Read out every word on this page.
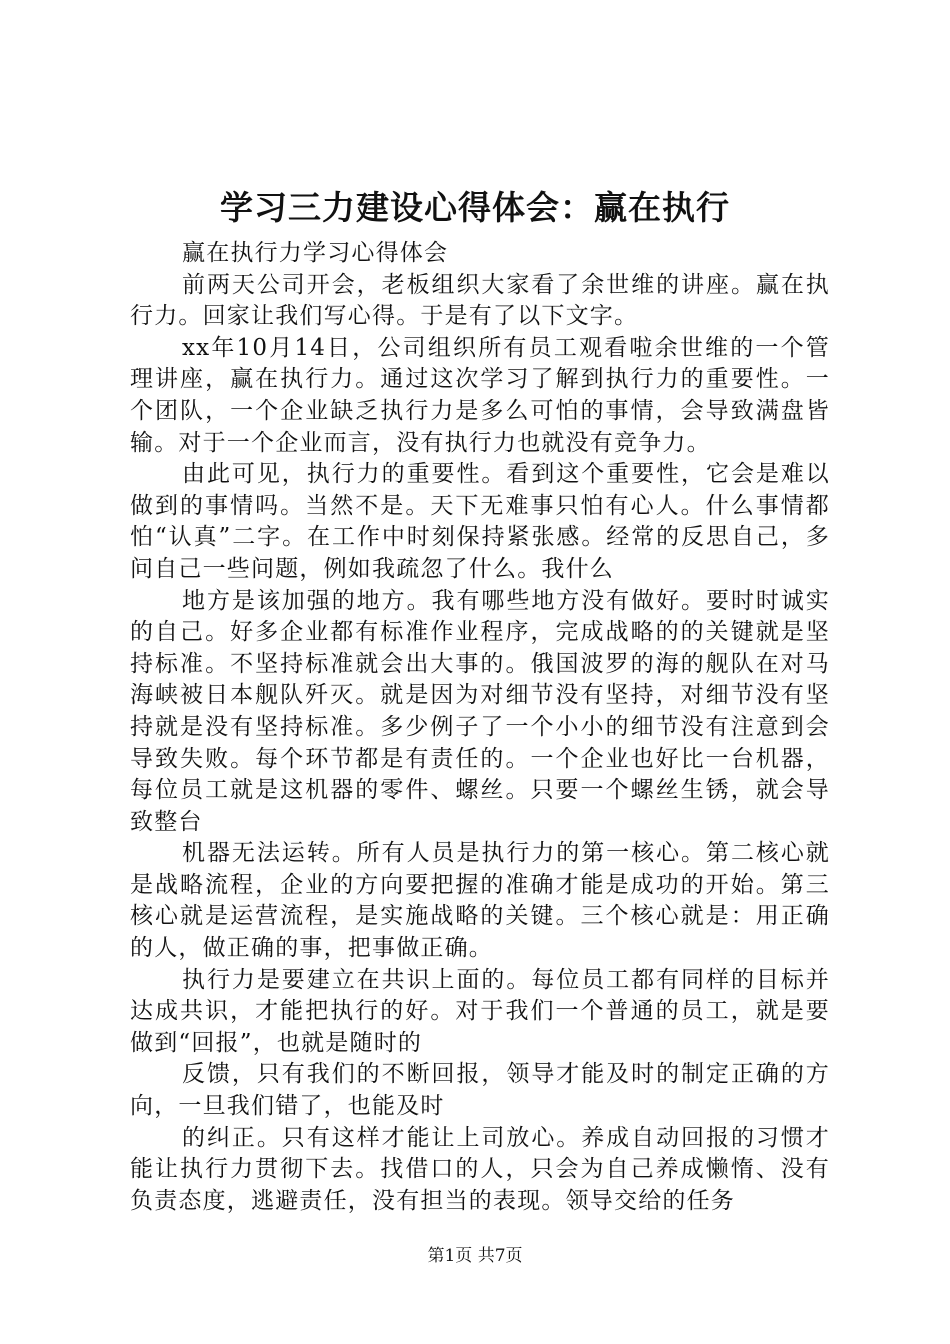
学习三力建设心得体会：赢在执行

赢在执行力学习心得体会

前两天公司开会，老板组织大家看了余世维的讲座。赢在执行力。回家让我们写心得。于是有了以下文字。

xx年10月14日，公司组织所有员工观看啦余世维的一个管理讲座，赢在执行力。通过这次学习了解到执行力的重要性。一个团队，一个企业缺乏执行力是多么可怕的事情，会导致满盘皆输。对于一个企业而言，没有执行力也就没有竞争力。

由此可见，执行力的重要性。看到这个重要性，它会是难以做到的事情吗。当然不是。天下无难事只怕有心人。什么事情都怕“认真”二字。在工作中时刻保持紧张感。经常的反思自己，多问自己一些问题，例如我疏忽了什么。我什么

地方是该加强的地方。我有哪些地方没有做好。要时时诚实的自己。好多企业都有标准作业程序，完成战略的的关键就是坚持标准。不坚持标准就会出大事的。俄国波罗的海的舰队在对马海峡被日本舰队歼灭。就是因为对细节没有坚持，对细节没有坚持就是没有坚持标准。多少例子了一个小小的细节没有注意到会导致失败。每个环节都是有责任的。一个企业也好比一台机器，每位员工就是这机器的零件、螺丝。只要一个螺丝生锈，就会导致整台

机器无法运转。所有人员是执行力的第一核心。第二核心就是战略流程，企业的方向要把握的准确才能是成功的开始。第三核心就是运营流程，是实施战略的关键。三个核心就是：用正确的人，做正确的事，把事做正确。

执行力是要建立在共识上面的。每位员工都有同样的目标并达成共识，才能把执行的好。对于我们一个普通的员工，就是要做到“回报”，也就是随时的

反馈，只有我们的不断回报，领导才能及时的制定正确的方向，一旦我们错了，也能及时

的纠正。只有这样才能让上司放心。养成自动回报的习惯才能让执行力贯彻下去。找借口的人，只会为自己养成懒惰、没有负责态度，逃避责任，没有担当的表现。领导交给的任务

第1页 共7页
